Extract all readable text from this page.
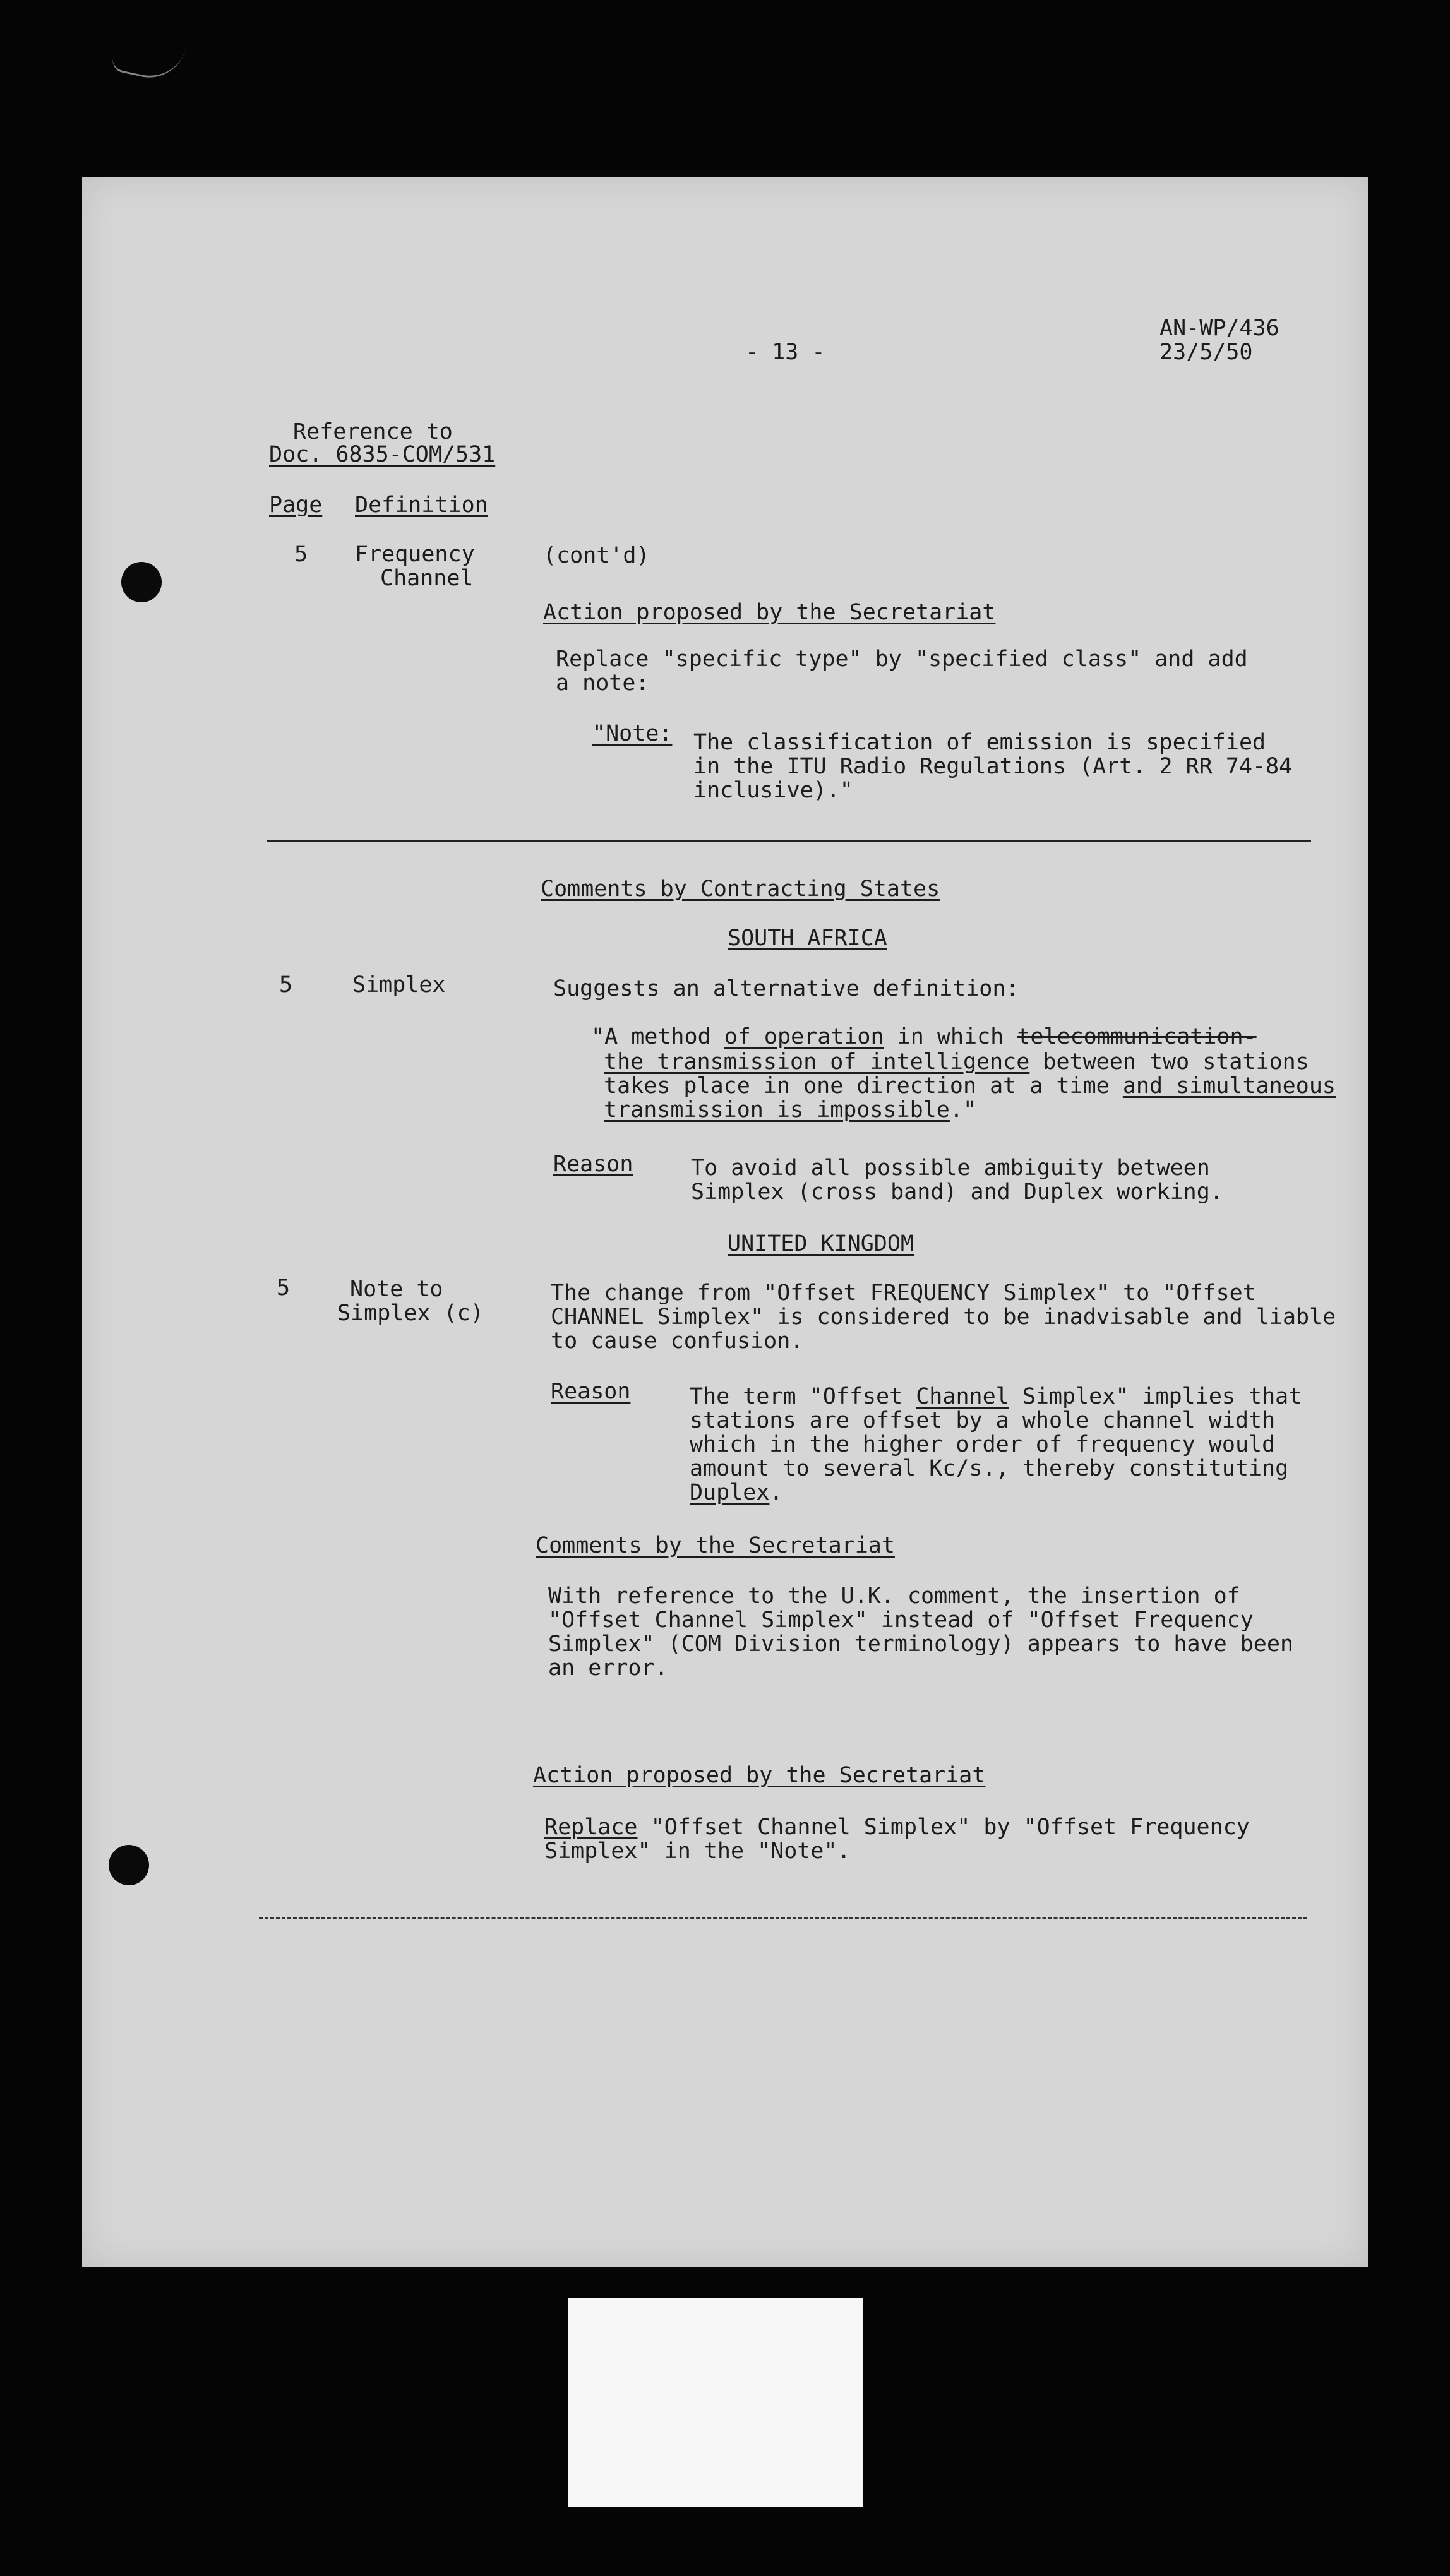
- 13 -
AN-WP/436
23/5/50
Reference to
Doc. 6835-COM/531
Page Definition
5 Frequency
Channel
(cont'd)
Action proposed by the Secretariat
Replace "specific type" by "specified class" and add
a note:
"Note: The classification of emission is specified
in the ITU Radio Regulations (Art. 2 RR 74-84
inclusive)."
Comments by Contracting States
SOUTH AFRICA
5	Simplex	Suggests an alternative definition:
"A method of operation in which telecommunication-
the transmission of intelligence between two stations
takes place in one direction at a time and simultaneous
transmission is impossible."
Reason	To avoid all possible ambiguity between
Simplex (cross band) and Duplex working.
UNITED KINGDOM
5	Note to
Simplex (c)
The change from "Offset FREQUENCY Simplex" to "Offset
CHANNEL Simplex" is considered to be inadvisable and liable
to cause confusion.
Reason	The term "Offset Channel Simplex" implies that
stations are offset by a whole channel width
which in the higher order of frequency would
amount to several Kc/s., thereby constituting
Duplex.
Comments by the Secretariat
With reference to the U.K. comment, the insertion of
"Offset Channel Simplex" instead of "Offset Frequency
Simplex" (COM Division terminology) appears to have been
an error.
Action proposed by the Secretariat
Replace "Offset Channel Simplex" by "Offset Frequency
Simplex" in the "Note".
